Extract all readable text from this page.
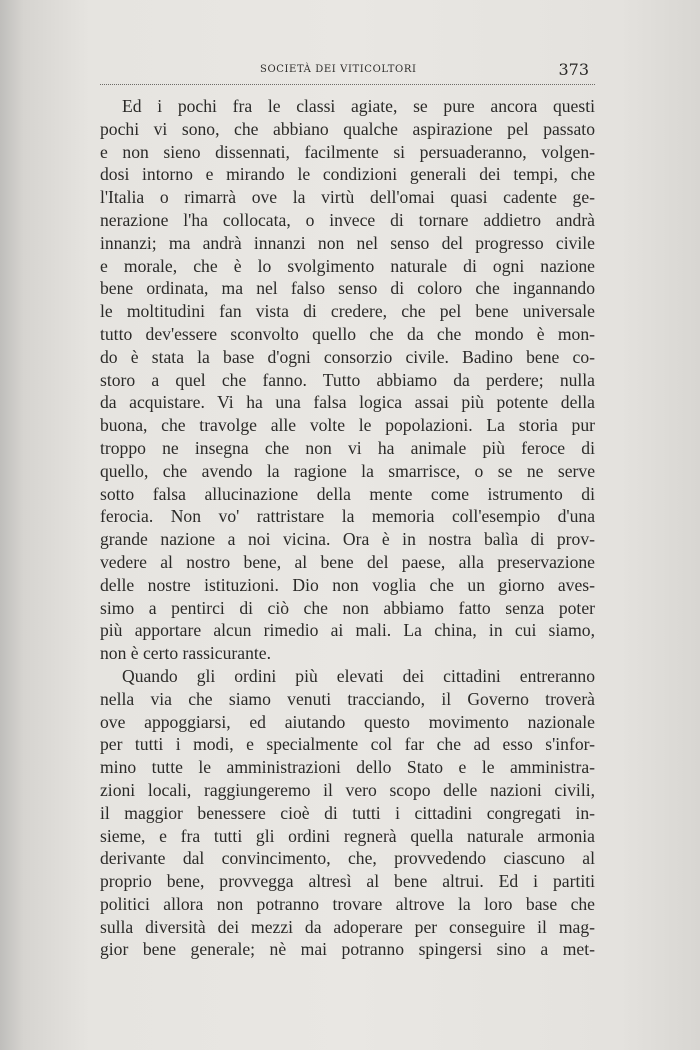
SOCIETÀ DEI VITICOLTORI	373
Ed i pochi fra le classi agiate, se pure ancora questi
pochi vi sono, che abbiano qualche aspirazione pel passato
e non sieno dissennati, facilmente si persuaderanno, volgen-
dosi intorno e mirando le condizioni generali dei tempi, che
l'Italia o rimarrà ove la virtù dell'omai quasi cadente ge-
nerazione l'ha collocata, o invece di tornare addietro andrà
innanzi; ma andrà innanzi non nel senso del progresso civile
e morale, che è lo svolgimento naturale di ogni nazione
bene ordinata, ma nel falso senso di coloro che ingannando
le moltitudini fan vista di credere, che pel bene universale
tutto dev'essere sconvolto quello che da che mondo è mon-
do è stata la base d'ogni consorzio civile. Badino bene co-
storo a quel che fanno. Tutto abbiamo da perdere; nulla
da acquistare. Vi ha una falsa logica assai più potente della
buona, che travolge alle volte le popolazioni. La storia pur
troppo ne insegna che non vi ha animale più feroce di
quello, che avendo la ragione la smarrisce, o se ne serve
sotto falsa allucinazione della mente come istrumento di
ferocia. Non vo' rattristare la memoria coll'esempio d'una
grande nazione a noi vicina. Ora è in nostra balìa di prov-
vedere al nostro bene, al bene del paese, alla preservazione
delle nostre istituzioni. Dio non voglia che un giorno aves-
simo a pentirci di ciò che non abbiamo fatto senza poter
più apportare alcun rimedio ai mali. La china, in cui siamo,
non è certo rassicurante.
Quando gli ordini più elevati dei cittadini entreranno
nella via che siamo venuti tracciando, il Governo troverà
ove appoggiarsi, ed aiutando questo movimento nazionale
per tutti i modi, e specialmente col far che ad esso s'infor-
mino tutte le amministrazioni dello Stato e le amministra-
zioni locali, raggiungeremo il vero scopo delle nazioni civili,
il maggior benessere cioè di tutti i cittadini congregati in-
sieme, e fra tutti gli ordini regnerà quella naturale armonia
derivante dal convincimento, che, provvedendo ciascuno al
proprio bene, provvegga altresì al bene altrui. Ed i partiti
politici allora non potranno trovare altrove la loro base che
sulla diversità dei mezzi da adoperare per conseguire il mag-
gior bene generale; nè mai potranno spingersi sino a met-
